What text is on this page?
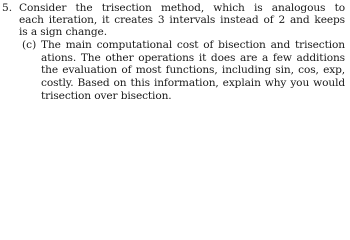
5. Consider the trisection method, which is analogous to
each iteration, it creates 3 intervals instead of 2 and keeps
is a sign change.
(c) The main computational cost of bisection and trisection
ations. The other operations it does are a few additions
the evaluation of most functions, including sin, cos, exp,
costly. Based on this information, explain why you would
trisection over bisection.
